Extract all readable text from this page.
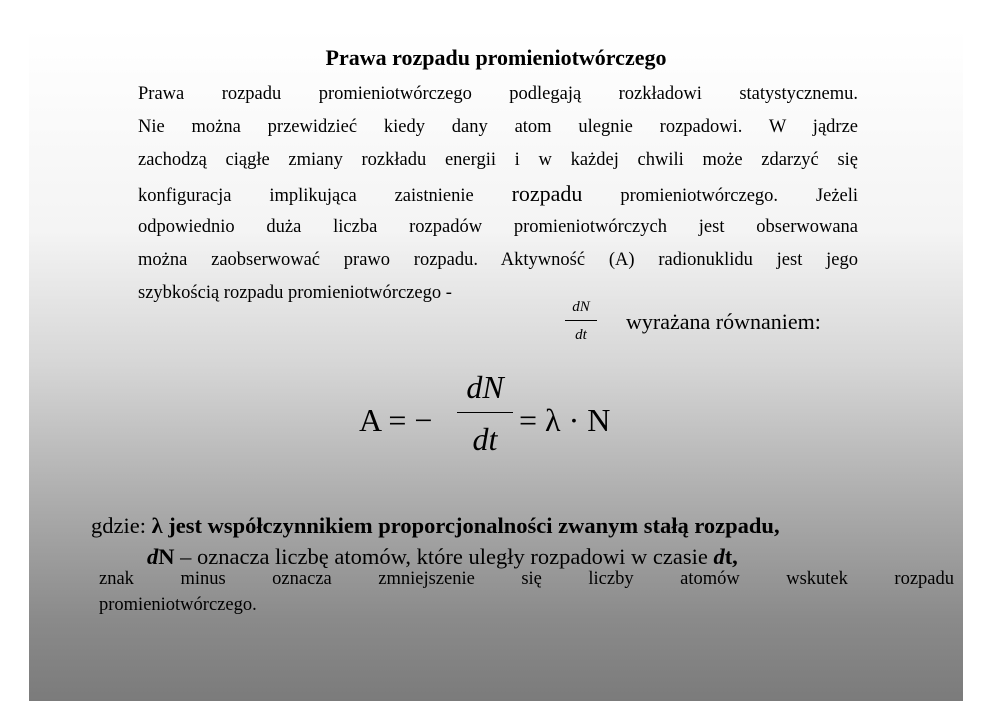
Prawa rozpadu promieniotwórczego
Prawa rozpadu promieniotwórczego podlegają rozkładowi statystycznemu.
Nie można przewidzieć kiedy dany atom ulegnie rozpadowi. W jądrze
zachodzą ciągłe zmiany rozkładu energii i w każdej chwili może zdarzyć się
konfiguracja implikująca zaistnienie rozpadu promieniotwórczego. Jeżeli
odpowiednio duża liczba rozpadów promieniotwórczych jest obserwowana
można zaobserwować prawo rozpadu. Aktywność (A) radionuklidu jest jego
szybkością rozpadu promieniotwórczego -
dN
dt
wyrażana równaniem:
A = −
dN
dt
= λ · N
gdzie: λ jest współczynnikiem proporcjonalności zwanym stałą rozpadu,
dN – oznacza liczbę atomów, które uległy rozpadowi w czasie dt,
znak minus oznacza zmniejszenie się liczby atomów wskutek rozpadu
promieniotwórczego.
